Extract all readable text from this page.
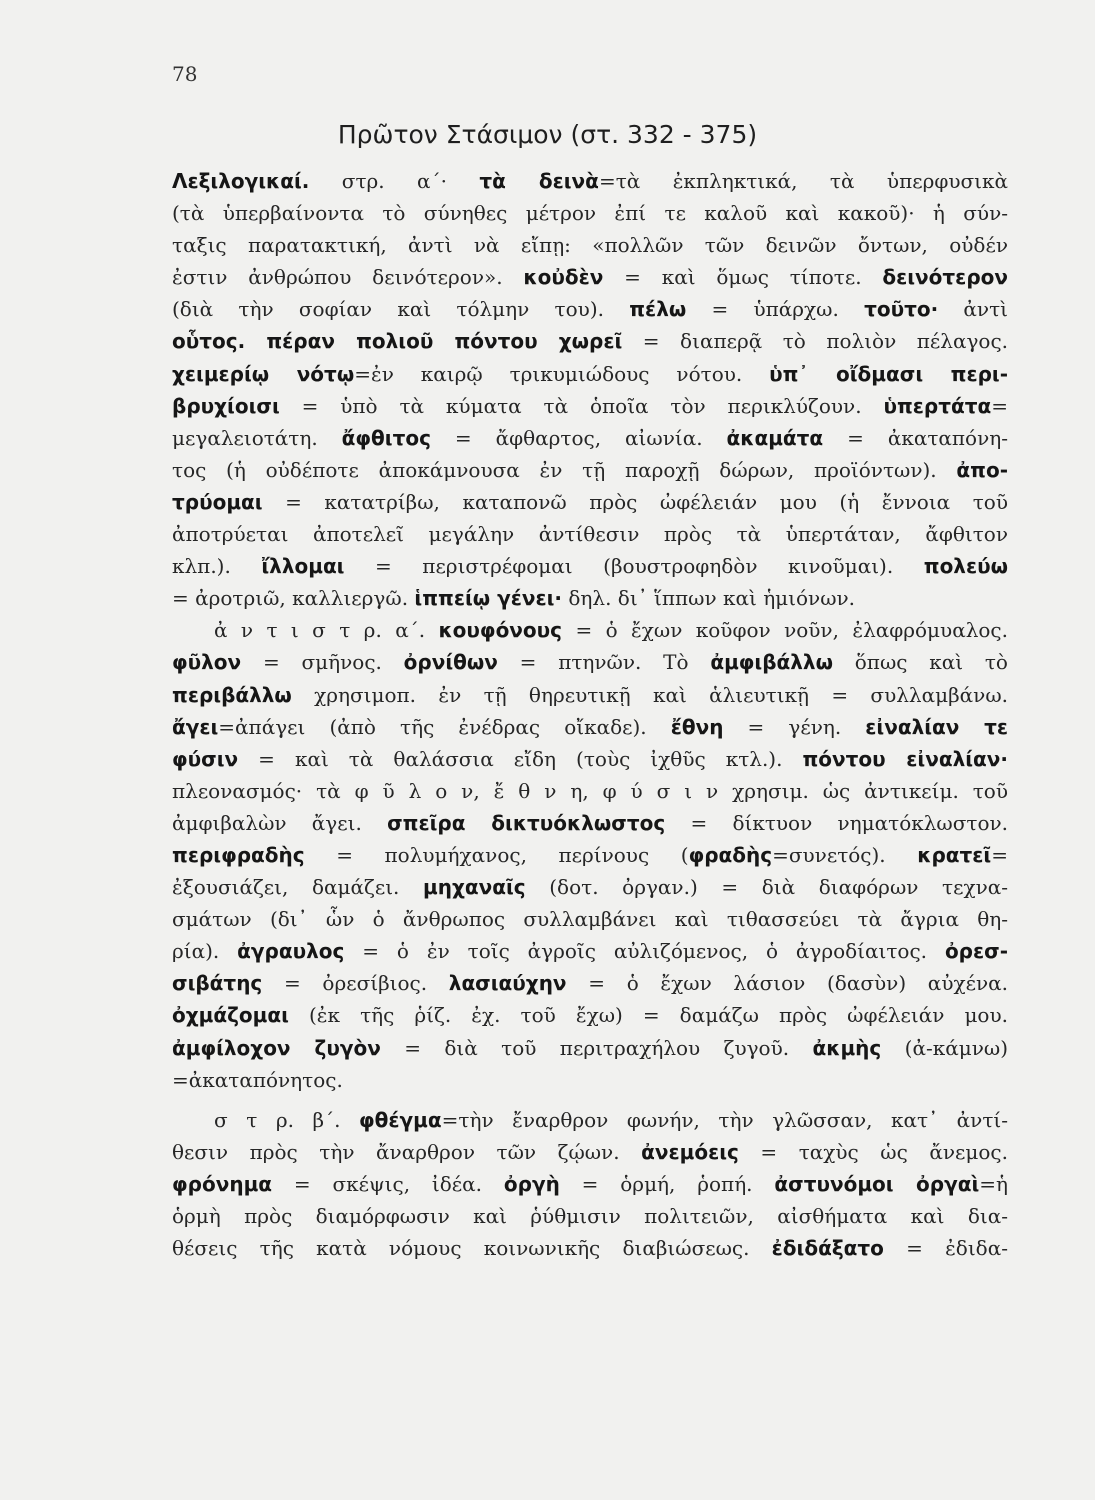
78
Πρῶτον Στάσιμον (στ. 332 - 375)
Λεξιλογικαί. στρ. α΄· τὰ δεινὰ=τὰ ἐκπληκτικά, τὰ ὑπερφυσικὰ
(τὰ ὑπερβαίνοντα τὸ σύνηθες μέτρον ἐπί τε καλοῦ καὶ κακοῦ)· ἡ σύν-
ταξις παρατακτική, ἀντὶ νὰ εἴπῃ: «πολλῶν τῶν δεινῶν ὄντων, οὐδέν
ἐστιν ἀνθρώπου δεινότερον». κοὐδὲν = καὶ ὅμως τίποτε. δεινότερον
(διὰ τὴν σοφίαν καὶ τόλμην του). πέλω = ὑπάρχω. τοῦτο· ἀντὶ
οὗτος. πέραν πολιοῦ πόντου χωρεῖ = διαπερᾷ τὸ πολιὸν πέλαγος.
χειμερίῳ νότῳ=ἐν καιρῷ τρικυμιώδους νότου. ὑπ᾽ οἴδμασι περι-
βρυχίοισι = ὑπὸ τὰ κύματα τὰ ὁποῖα τὸν περικλύζουν. ὑπερτάτα=
μεγαλειοτάτη. ἄφθιτος = ἄφθαρτος, αἰωνία. ἀκαμάτα = ἀκαταπόνη-
τος (ἡ οὐδέποτε ἀποκάμνουσα ἐν τῇ παροχῇ δώρων, προϊόντων). ἀπο-
τρύομαι = κατατρίβω, καταπονῶ πρὸς ὠφέλειάν μου (ἡ ἔννοια τοῦ
ἀποτρύεται ἀποτελεῖ μεγάλην ἀντίθεσιν πρὸς τὰ ὑπερτάταν, ἄφθιτον
κλπ.). ἴλλομαι = περιστρέφομαι (βουστροφηδὸν κινοῦμαι). πολεύω
= ἀροτριῶ, καλλιεργῶ. ἱππείῳ γένει· δηλ. δι᾽ ἵππων καὶ ἡμιόνων.
ἀ ν τ ι σ τ ρ. α΄. κουφόνους = ὁ ἔχων κοῦφον νοῦν, ἐλαφρόμυαλος.
φῦλον = σμῆνος. ὀρνίθων = πτηνῶν. Τὸ ἀμφιβάλλω ὅπως καὶ τὸ
περιβάλλω χρησιμοπ. ἐν τῇ θηρευτικῇ καὶ ἁλιευτικῇ = συλλαμβάνω.
ἄγει=ἀπάγει (ἀπὸ τῆς ἐνέδρας οἴκαδε). ἔθνη = γένη. εἰναλίαν τε
φύσιν = καὶ τὰ θαλάσσια εἴδη (τοὺς ἰχθῦς κτλ.). πόντου εἰναλίαν·
πλεονασμός· τὰ φ ῦ λ ο ν, ἔ θ ν η, φ ύ σ ι ν χρησιμ. ὡς ἀντικείμ. τοῦ
ἀμφιβαλὼν ἄγει. σπεῖρα δικτυόκλωστος = δίκτυον νηματόκλωστον.
περιφραδὴς = πολυμήχανος, περίνους (φραδὴς=συνετός). κρατεῖ=
ἐξουσιάζει, δαμάζει. μηχαναῖς (δοτ. ὀργαν.) = διὰ διαφόρων τεχνα-
σμάτων (δι᾽ ὧν ὁ ἄνθρωπος συλλαμβάνει καὶ τιθασσεύει τὰ ἄγρια θη-
ρία). ἀγραυλος = ὁ ἐν τοῖς ἀγροῖς αὐλιζόμενος, ὁ ἀγροδίαιτος. ὀρεσ-
σιβάτης = ὀρεσίβιος. λασιαύχην = ὁ ἔχων λάσιον (δασὺν) αὐχένα.
ὀχμάζομαι (ἐκ τῆς ῥίζ. ἐχ. τοῦ ἔχω) = δαμάζω πρὸς ὠφέλειάν μου.
ἀμφίλοχον ζυγὸν = διὰ τοῦ περιτραχήλου ζυγοῦ. ἀκμὴς (ἀ-κάμνω)
=ἀκαταπόνητος.
σ τ ρ. β΄. φθέγμα=τὴν ἔναρθρον φωνήν, τὴν γλῶσσαν, κατ᾽ ἀντί-
θεσιν πρὸς τὴν ἄναρθρον τῶν ζῴων. ἀνεμόεις = ταχὺς ὡς ἄνεμος.
φρόνημα = σκέψις, ἰδέα. ὀργὴ = ὁρμή, ῥοπή. ἀστυνόμοι ὀργαὶ=ἡ
ὁρμὴ πρὸς διαμόρφωσιν καὶ ῥύθμισιν πολιτειῶν, αἰσθήματα καὶ δια-
θέσεις τῆς κατὰ νόμους κοινωνικῆς διαβιώσεως. ἐδιδάξατο = ἐδιδα-
